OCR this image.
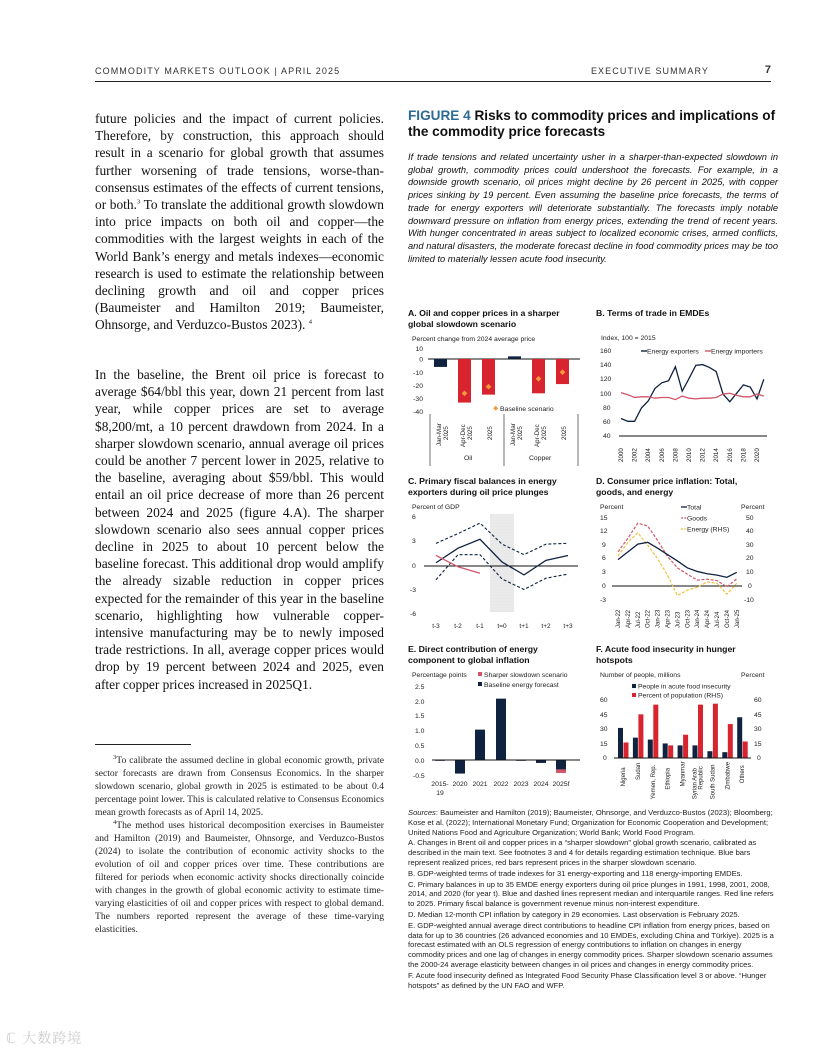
COMMODITY MARKETS OUTLOOK | APRIL 2025	EXECUTIVE SUMMARY	7
future policies and the impact of current policies. Therefore, by construction, this approach should result in a scenario for global growth that assumes further worsening of trade tensions, worse-than-consensus estimates of the effects of current tensions, or both.$^3$ To translate the additional growth slowdown into price impacts on both oil and copper—the commodities with the largest weights in each of the World Bank’s energy and metals indexes—economic research is used to estimate the relationship between declining growth and oil and copper prices (Baumeister and Hamilton 2019; Baumeister, Ohnsorge, and Verduzco-Bustos 2023). $^4$
In the baseline, the Brent oil price is forecast to average $64/bbl this year, down 21 percent from last year, while copper prices are set to average $8,200/mt, a 10 percent drawdown from 2024. In a sharper slowdown scenario, annual average oil prices could be another 7 percent lower in 2025, relative to the baseline, averaging about $59/bbl. This would entail an oil price decrease of more than 26 percent between 2024 and 2025 (figure 4.A). The sharper slowdown scenario also sees annual copper prices decline in 2025 to about 10 percent below the baseline forecast. This additional drop would amplify the already sizable reduction in copper prices expected for the remainder of this year in the baseline scenario, highlighting how vulnerable copper-intensive manufacturing may be to newly imposed trade restrictions. In all, average copper prices would drop by 19 percent between 2024 and 2025, even after copper prices increased in 2025Q1.

$^3$To calibrate the assumed decline in global economic growth, private sector forecasts are drawn from Consensus Economics. In the sharper slowdown scenario, global growth in 2025 is estimated to be about 0.4 percentage point lower. This is calculated relative to Consensus Economics mean growth forecasts as of April 14, 2025.

$^4$The method uses historical decomposition exercises in Baumeister and Hamilton (2019) and Baumeister, Ohnsorge, and Verduzco-Bustos (2024) to isolate the contribution of economic activity shocks to the evolution of oil and copper prices over time. These contributions are filtered for periods when economic activity shocks directionally coincide with changes in the growth of global economic activity to estimate time-varying elasticities of oil and copper prices with respect to global demand. The numbers reported represent the average of these time-varying elasticities.

FIGURE 4 Risks to commodity prices and implications of the commodity price forecasts
If trade tensions and related uncertainty usher in a sharper-than-expected slowdown in global growth, commodity prices could undershoot the forecasts. For example, in a downside growth scenario, oil prices might decline by 26 percent in 2025, with copper prices sinking by 19 percent. Even assuming the baseline price forecasts, the terms of trade for energy exporters will deteriorate substantially. The forecasts imply notable downward pressure on inflation from energy prices, extending the trend of recent years. With hunger concentrated in areas subject to localized economic crises, armed conflicts, and natural disasters, the moderate forecast decline in food commodity prices may be too limited to materially lessen acute food insecurity.
A. Oil and copper prices in a sharper
global slowdown scenario
Percent change from 2024 average price
10
0
-10
-20
-30
-40	Baseline scenario
Jan-Mar 2025 Apr-Dec 2025 2025	Jan-Mar 2025 Apr-Dec 2025 2025
Oil	Copper
B. Terms of trade in EMDEs
Index, 100 = 2015
160
140
120
100
80
60
40
Energy exporters Energy importers
2000 2002 2004 2006 2008 2010 2012 2014 2016 2018 2020
C. Primary fiscal balances in energy
exporters during oil price plunges
Percent of GDP
6
3
0
-3
-6
t-3 t-2 t-1 t=0 t+1 t+2 t+3
D. Consumer price inflation: Total,
goods, and energy
Percent	Percent
Total
Goods
Energy (RHS)
15
12
9
6
3
0
-3
50
40
30
20
10
0
-10
Jan-22 Apr-22 Jul-22 Oct-22 Jan-23 Apr-23 Jul-23 Oct-23 Jan-24 Apr-24 Jul-24 Oct-24 Jan-25
E. Direct contribution of energy
component to global inflation
Percentage points	Sharper slowdown scenario
Baseline energy forecast
2.5
2.0
1.5
1.0
0.5
0.0
-0.5
2015-
19
2020 2021 2022 2023 2024 2025f
F. Acute food insecurity in hunger
hotspots
Number of people, millions	Percent
People in acute food insecurity
Percent of population (RHS)
60
45
30
15
0
60
45
30
15
0
Nigeria Sudan Yemen, Rep. Ethiopia Myanmar Syrian Arab Republic South Sudan Zimbabwe Others

Sources: Baumeister and Hamilton (2019); Baumeister, Ohnsorge, and Verduzco-Bustos (2023); Bloomberg; Kose et al. (2022); International Monetary Fund; Organization for Economic Cooperation and Development; United Nations Food and Agriculture Organization; World Bank; World Food Program.

A. Changes in Brent oil and copper prices in a “sharper slowdown” global growth scenario, calibrated as described in the main text. See footnotes 3 and 4 for details regarding estimation technique. Blue bars represent realized prices, red bars represent prices in the sharper slowdown scenario.

B. GDP-weighted terms of trade indexes for 31 energy-exporting and 118 energy-importing EMDEs.

C. Primary balances in up to 35 EMDE energy exporters during oil price plunges in 1991, 1998, 2001, 2008, 2014, and 2020 (for year t). Blue and dashed lines represent median and interquartile ranges. Red line refers to 2025. Primary fiscal balance is government revenue minus non-interest expenditure.

D. Median 12-month CPI inflation by category in 29 economies. Last observation is February 2025.

E. GDP-weighted annual average direct contributions to headline CPI inflation from energy prices, based on data for up to 36 countries (26 advanced economies and 10 EMDEs, excluding China and Türkiye). 2025 is a forecast estimated with an OLS regression of energy contributions to inflation on changes in energy commodity prices and one lag of changes in energy commodity prices. Sharper slowdown scenario assumes the 2000-24 average elasticity between changes in oil prices and changes in energy commodity prices.

F. Acute food insecurity defined as Integrated Food Security Phase Classification level 3 or above. “Hunger hotspots” as defined by the UN FAO and WFP.

ℂ 大数跨境
